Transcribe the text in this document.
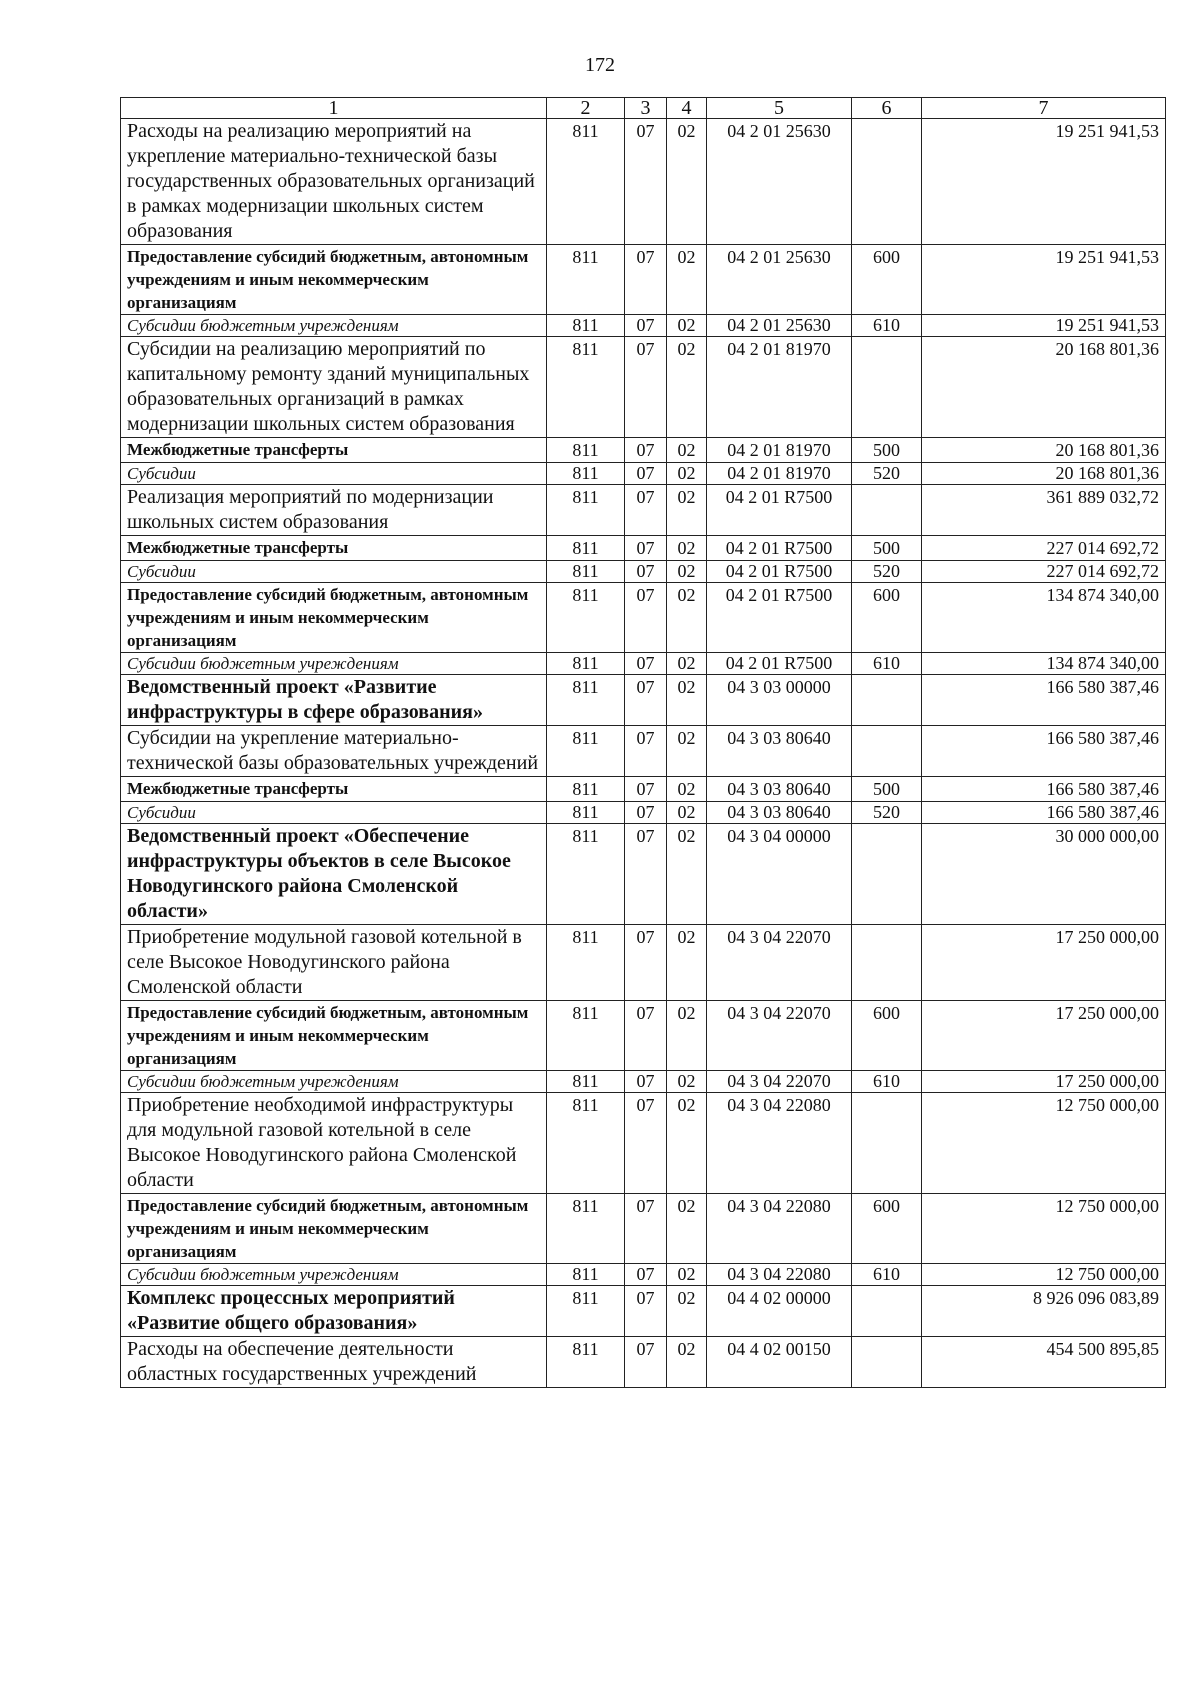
172
1	2	3	4	5	6	7
Расходы на реализацию мероприятий на укрепление материально-технической базы государственных образовательных организаций в рамках модернизации школьных систем образования	811	07	02	04 2 01 25630		19 251 941,53
Предоставление субсидий бюджетным, автономным учреждениям и иным некоммерческим организациям	811	07	02	04 2 01 25630	600	19 251 941,53
Субсидии бюджетным учреждениям	811	07	02	04 2 01 25630	610	19 251 941,53
Субсидии на реализацию мероприятий по капитальному ремонту зданий муниципальных образовательных организаций в рамках модернизации школьных систем образования	811	07	02	04 2 01 81970		20 168 801,36
Межбюджетные трансферты	811	07	02	04 2 01 81970	500	20 168 801,36
Субсидии	811	07	02	04 2 01 81970	520	20 168 801,36
Реализация мероприятий по модернизации школьных систем образования	811	07	02	04 2 01 R7500		361 889 032,72
Межбюджетные трансферты	811	07	02	04 2 01 R7500	500	227 014 692,72
Субсидии	811	07	02	04 2 01 R7500	520	227 014 692,72
Предоставление субсидий бюджетным, автономным учреждениям и иным некоммерческим организациям	811	07	02	04 2 01 R7500	600	134 874 340,00
Субсидии бюджетным учреждениям	811	07	02	04 2 01 R7500	610	134 874 340,00
Ведомственный проект «Развитие инфраструктуры в сфере образования»	811	07	02	04 3 03 00000		166 580 387,46
Субсидии на укрепление материально-технической базы образовательных учреждений	811	07	02	04 3 03 80640		166 580 387,46
Межбюджетные трансферты	811	07	02	04 3 03 80640	500	166 580 387,46
Субсидии	811	07	02	04 3 03 80640	520	166 580 387,46
Ведомственный проект «Обеспечение инфраструктуры объектов в селе Высокое Новодугинского района Смоленской области»	811	07	02	04 3 04 00000		30 000 000,00
Приобретение модульной газовой котельной в селе Высокое Новодугинского района Смоленской области	811	07	02	04 3 04 22070		17 250 000,00
Предоставление субсидий бюджетным, автономным учреждениям и иным некоммерческим организациям	811	07	02	04 3 04 22070	600	17 250 000,00
Субсидии бюджетным учреждениям	811	07	02	04 3 04 22070	610	17 250 000,00
Приобретение необходимой инфраструктуры для модульной газовой котельной в селе Высокое Новодугинского района Смоленской области	811	07	02	04 3 04 22080		12 750 000,00
Предоставление субсидий бюджетным, автономным учреждениям и иным некоммерческим организациям	811	07	02	04 3 04 22080	600	12 750 000,00
Субсидии бюджетным учреждениям	811	07	02	04 3 04 22080	610	12 750 000,00
Комплекс процессных мероприятий «Развитие общего образования»	811	07	02	04 4 02 00000		8 926 096 083,89
Расходы на обеспечение деятельности областных государственных учреждений	811	07	02	04 4 02 00150		454 500 895,85
